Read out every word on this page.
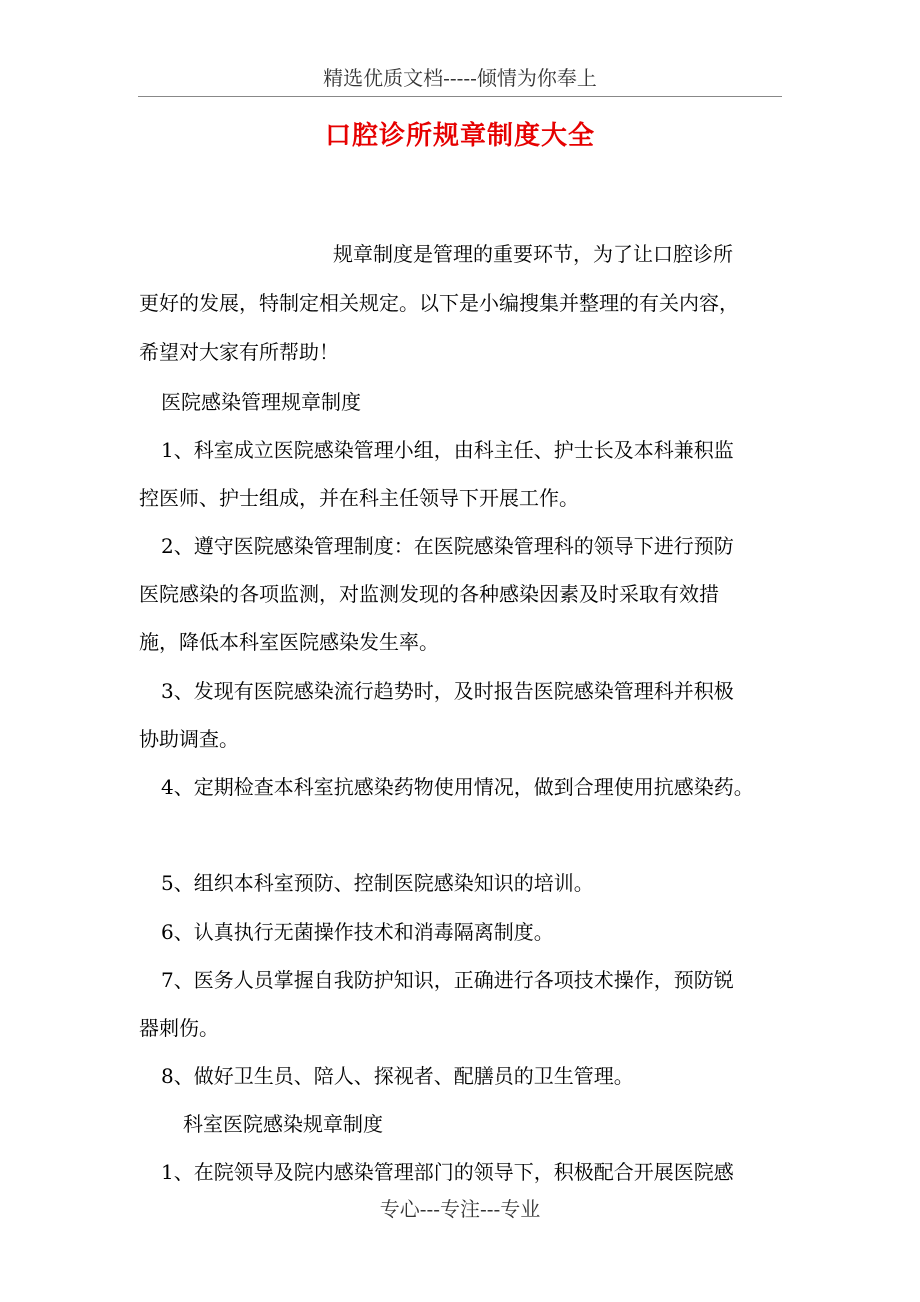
精选优质文档-----倾情为你奉上
口腔诊所规章制度大全
规章制度是管理的重要环节，为了让口腔诊所
更好的发展，特制定相关规定。以下是小编搜集并整理的有关内容，
希望对大家有所帮助！
医院感染管理规章制度
1、科室成立医院感染管理小组，由科主任、护士长及本科兼积监
控医师、护士组成，并在科主任领导下开展工作。
2、遵守医院感染管理制度：在医院感染管理科的领导下进行预防
医院感染的各项监测，对监测发现的各种感染因素及时采取有效措
施，降低本科室医院感染发生率。
3、发现有医院感染流行趋势时，及时报告医院感染管理科并积极
协助调查。
4、定期检查本科室抗感染药物使用情况，做到合理使用抗感染药。
5、组织本科室预防、控制医院感染知识的培训。
6、认真执行无菌操作技术和消毒隔离制度。
7、医务人员掌握自我防护知识，正确进行各项技术操作，预防锐
器刺伤。
8、做好卫生员、陪人、探视者、配膳员的卫生管理。
科室医院感染规章制度
1、在院领导及院内感染管理部门的领导下，积极配合开展医院感
专心---专注---专业
